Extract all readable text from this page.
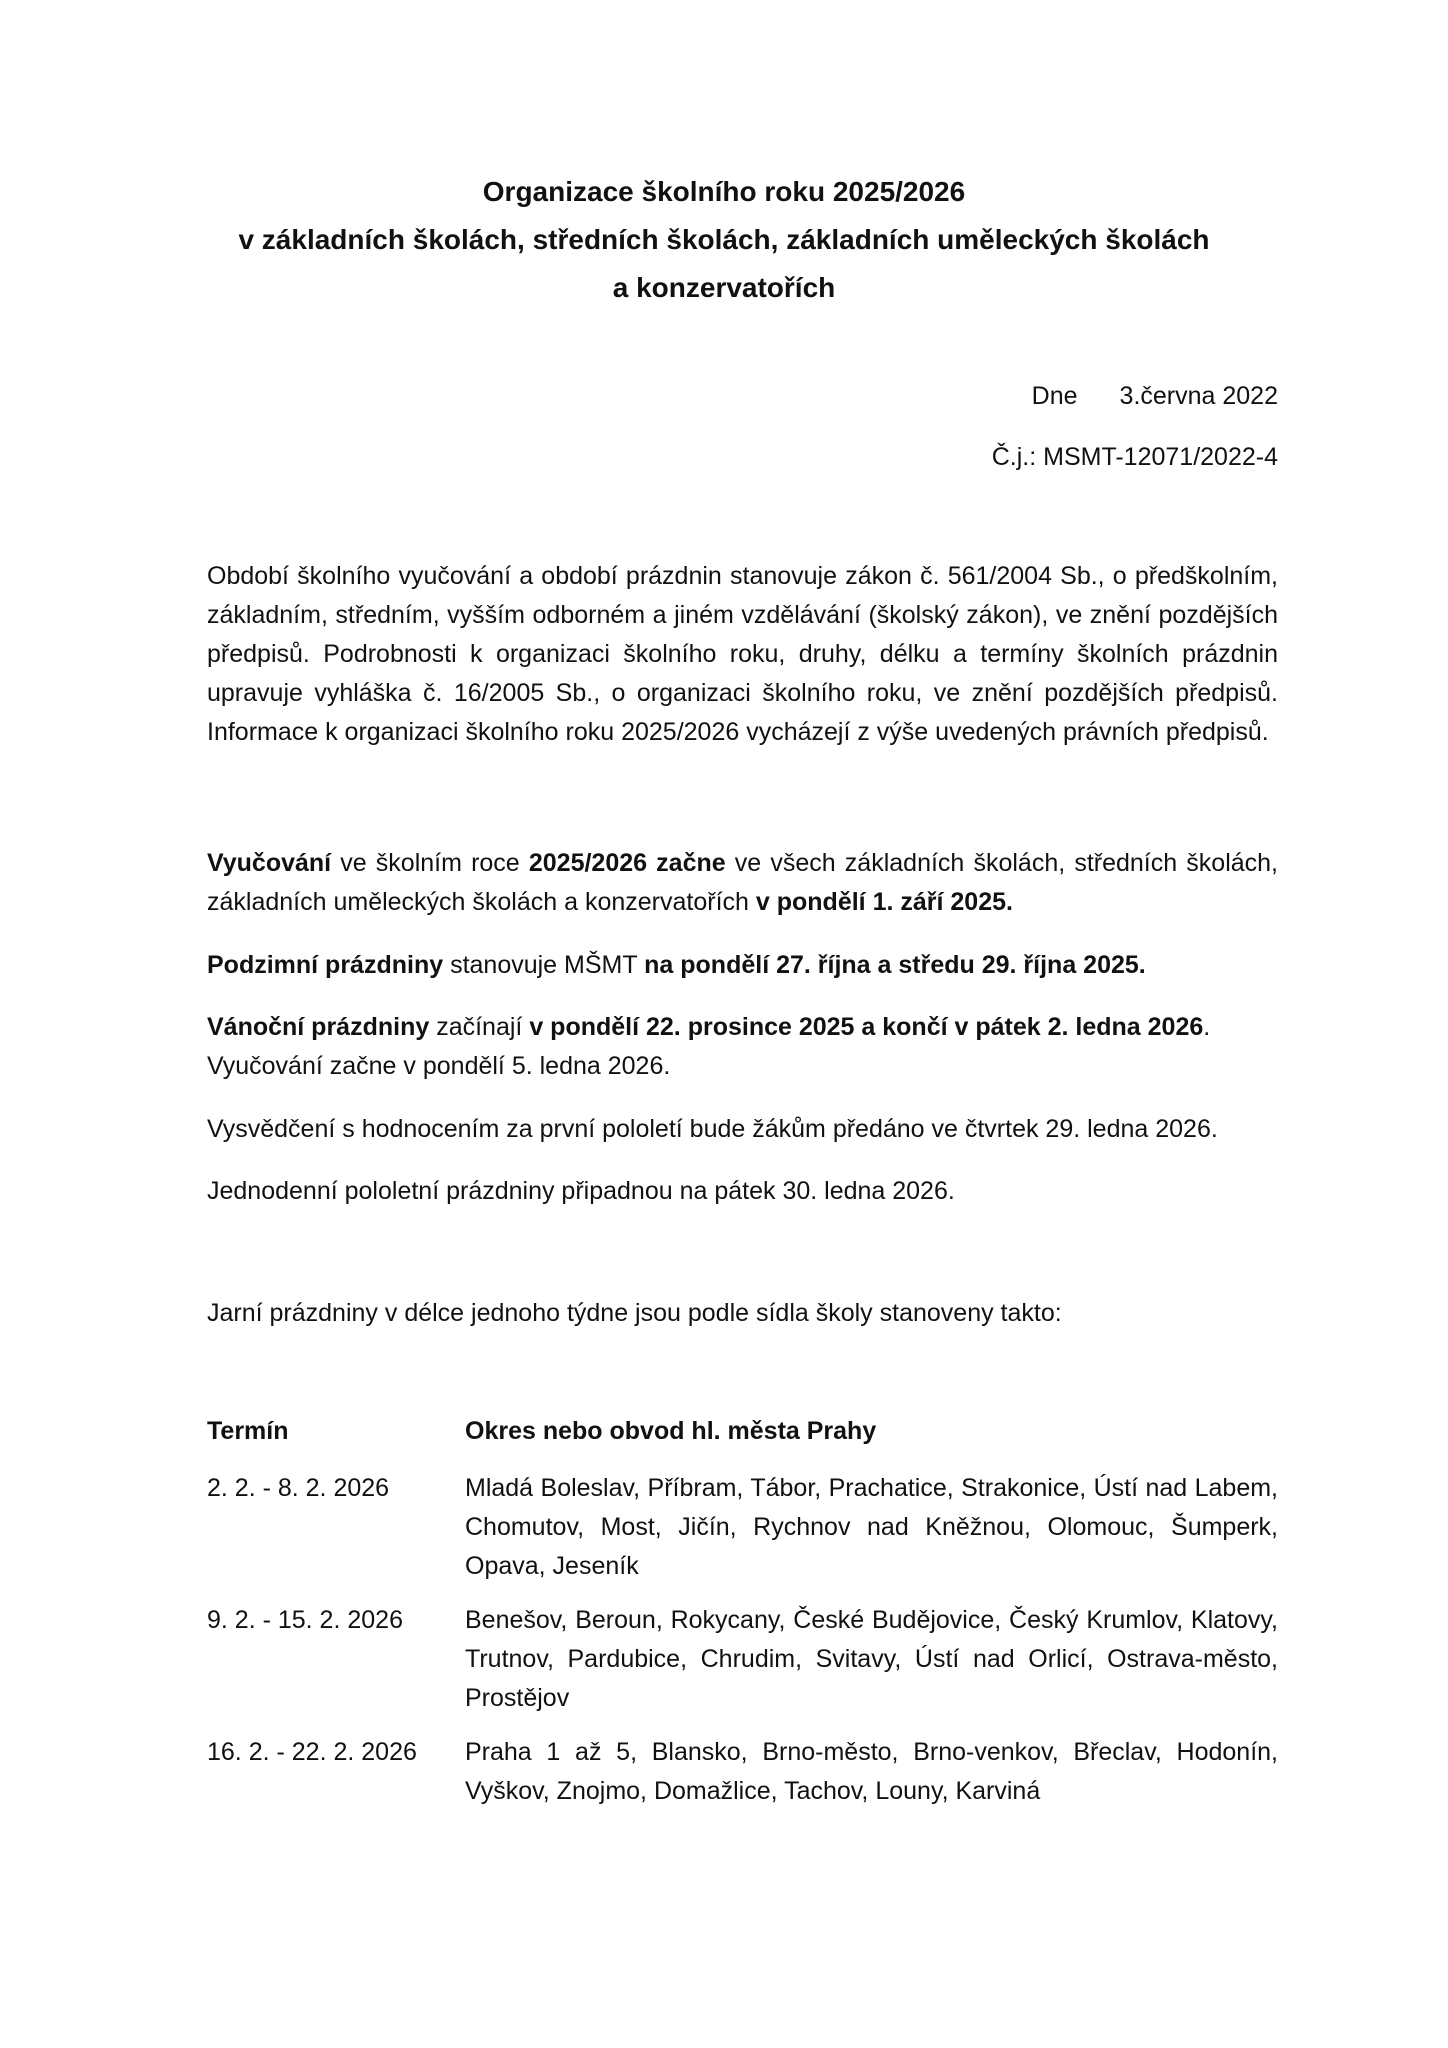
Organizace školního roku 2025/2026
v základních školách, středních školách, základních uměleckých školách
a konzervatořích
Dne 3.června 2022
Č.j.: MSMT-12071/2022-4
Období školního vyučování a období prázdnin stanovuje zákon č. 561/2004 Sb., o předškolním, základním, středním, vyšším odborném a jiném vzdělávání (školský zákon), ve znění pozdějších předpisů. Podrobnosti k organizaci školního roku, druhy, délku a termíny školních prázdnin upravuje vyhláška č. 16/2005 Sb., o organizaci školního roku, ve znění pozdějších předpisů. Informace k organizaci školního roku 2025/2026 vycházejí z výše uvedených právních předpisů.
Vyučování ve školním roce 2025/2026 začne ve všech základních školách, středních školách, základních uměleckých školách a konzervatořích v pondělí 1. září 2025.
Podzimní prázdniny stanovuje MŠMT na pondělí 27. října a středu 29. října 2025.
Vánoční prázdniny začínají v pondělí 22. prosince 2025 a končí v pátek 2. ledna 2026.
Vyučování začne v pondělí 5. ledna 2026.
Vysvědčení s hodnocením za první pololetí bude žákům předáno ve čtvrtek 29. ledna 2026.
Jednodenní pololetní prázdniny připadnou na pátek 30. ledna 2026.
Jarní prázdniny v délce jednoho týdne jsou podle sídla školy stanoveny takto:
Termín	Okres nebo obvod hl. města Prahy
2. 2. - 8. 2. 2026	Mladá Boleslav, Příbram, Tábor, Prachatice, Strakonice, Ústí nad Labem, Chomutov, Most, Jičín, Rychnov nad Kněžnou, Olomouc, Šumperk, Opava, Jeseník
9. 2. - 15. 2. 2026	Benešov, Beroun, Rokycany, České Budějovice, Český Krumlov, Klatovy, Trutnov, Pardubice, Chrudim, Svitavy, Ústí nad Orlicí, Ostrava-město, Prostějov
16. 2. - 22. 2. 2026	Praha 1 až 5, Blansko, Brno-město, Brno-venkov, Břeclav, Hodonín, Vyškov, Znojmo, Domažlice, Tachov, Louny, Karviná
